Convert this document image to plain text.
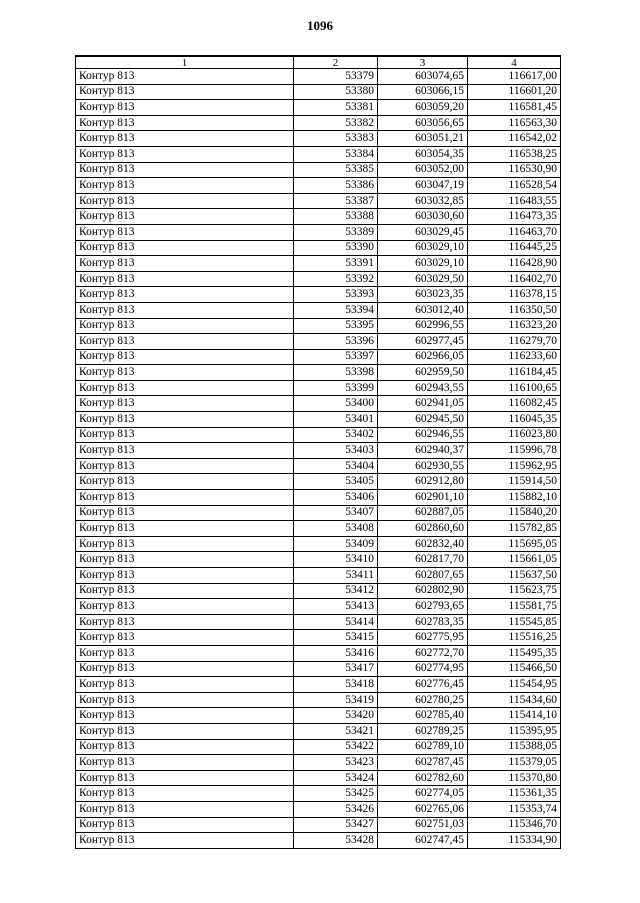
1096
1	2	3	4
Контур 813	53379	603074,65	116617,00
Контур 813	53380	603066,15	116601,20
Контур 813	53381	603059,20	116581,45
Контур 813	53382	603056,65	116563,30
Контур 813	53383	603051,21	116542,02
Контур 813	53384	603054,35	116538,25
Контур 813	53385	603052,00	116530,90
Контур 813	53386	603047,19	116528,54
Контур 813	53387	603032,85	116483,55
Контур 813	53388	603030,60	116473,35
Контур 813	53389	603029,45	116463,70
Контур 813	53390	603029,10	116445,25
Контур 813	53391	603029,10	116428,90
Контур 813	53392	603029,50	116402,70
Контур 813	53393	603023,35	116378,15
Контур 813	53394	603012,40	116350,50
Контур 813	53395	602996,55	116323,20
Контур 813	53396	602977,45	116279,70
Контур 813	53397	602966,05	116233,60
Контур 813	53398	602959,50	116184,45
Контур 813	53399	602943,55	116100,65
Контур 813	53400	602941,05	116082,45
Контур 813	53401	602945,50	116045,35
Контур 813	53402	602946,55	116023,80
Контур 813	53403	602940,37	115996,78
Контур 813	53404	602930,55	115962,95
Контур 813	53405	602912,80	115914,50
Контур 813	53406	602901,10	115882,10
Контур 813	53407	602887,05	115840,20
Контур 813	53408	602860,60	115782,85
Контур 813	53409	602832,40	115695,05
Контур 813	53410	602817,70	115661,05
Контур 813	53411	602807,65	115637,50
Контур 813	53412	602802,90	115623,75
Контур 813	53413	602793,65	115581,75
Контур 813	53414	602783,35	115545,85
Контур 813	53415	602775,95	115516,25
Контур 813	53416	602772,70	115495,35
Контур 813	53417	602774,95	115466,50
Контур 813	53418	602776,45	115454,95
Контур 813	53419	602780,25	115434,60
Контур 813	53420	602785,40	115414,10
Контур 813	53421	602789,25	115395,95
Контур 813	53422	602789,10	115388,05
Контур 813	53423	602787,45	115379,05
Контур 813	53424	602782,60	115370,80
Контур 813	53425	602774,05	115361,35
Контур 813	53426	602765,06	115353,74
Контур 813	53427	602751,03	115346,70
Контур 813	53428	602747,45	115334,90
